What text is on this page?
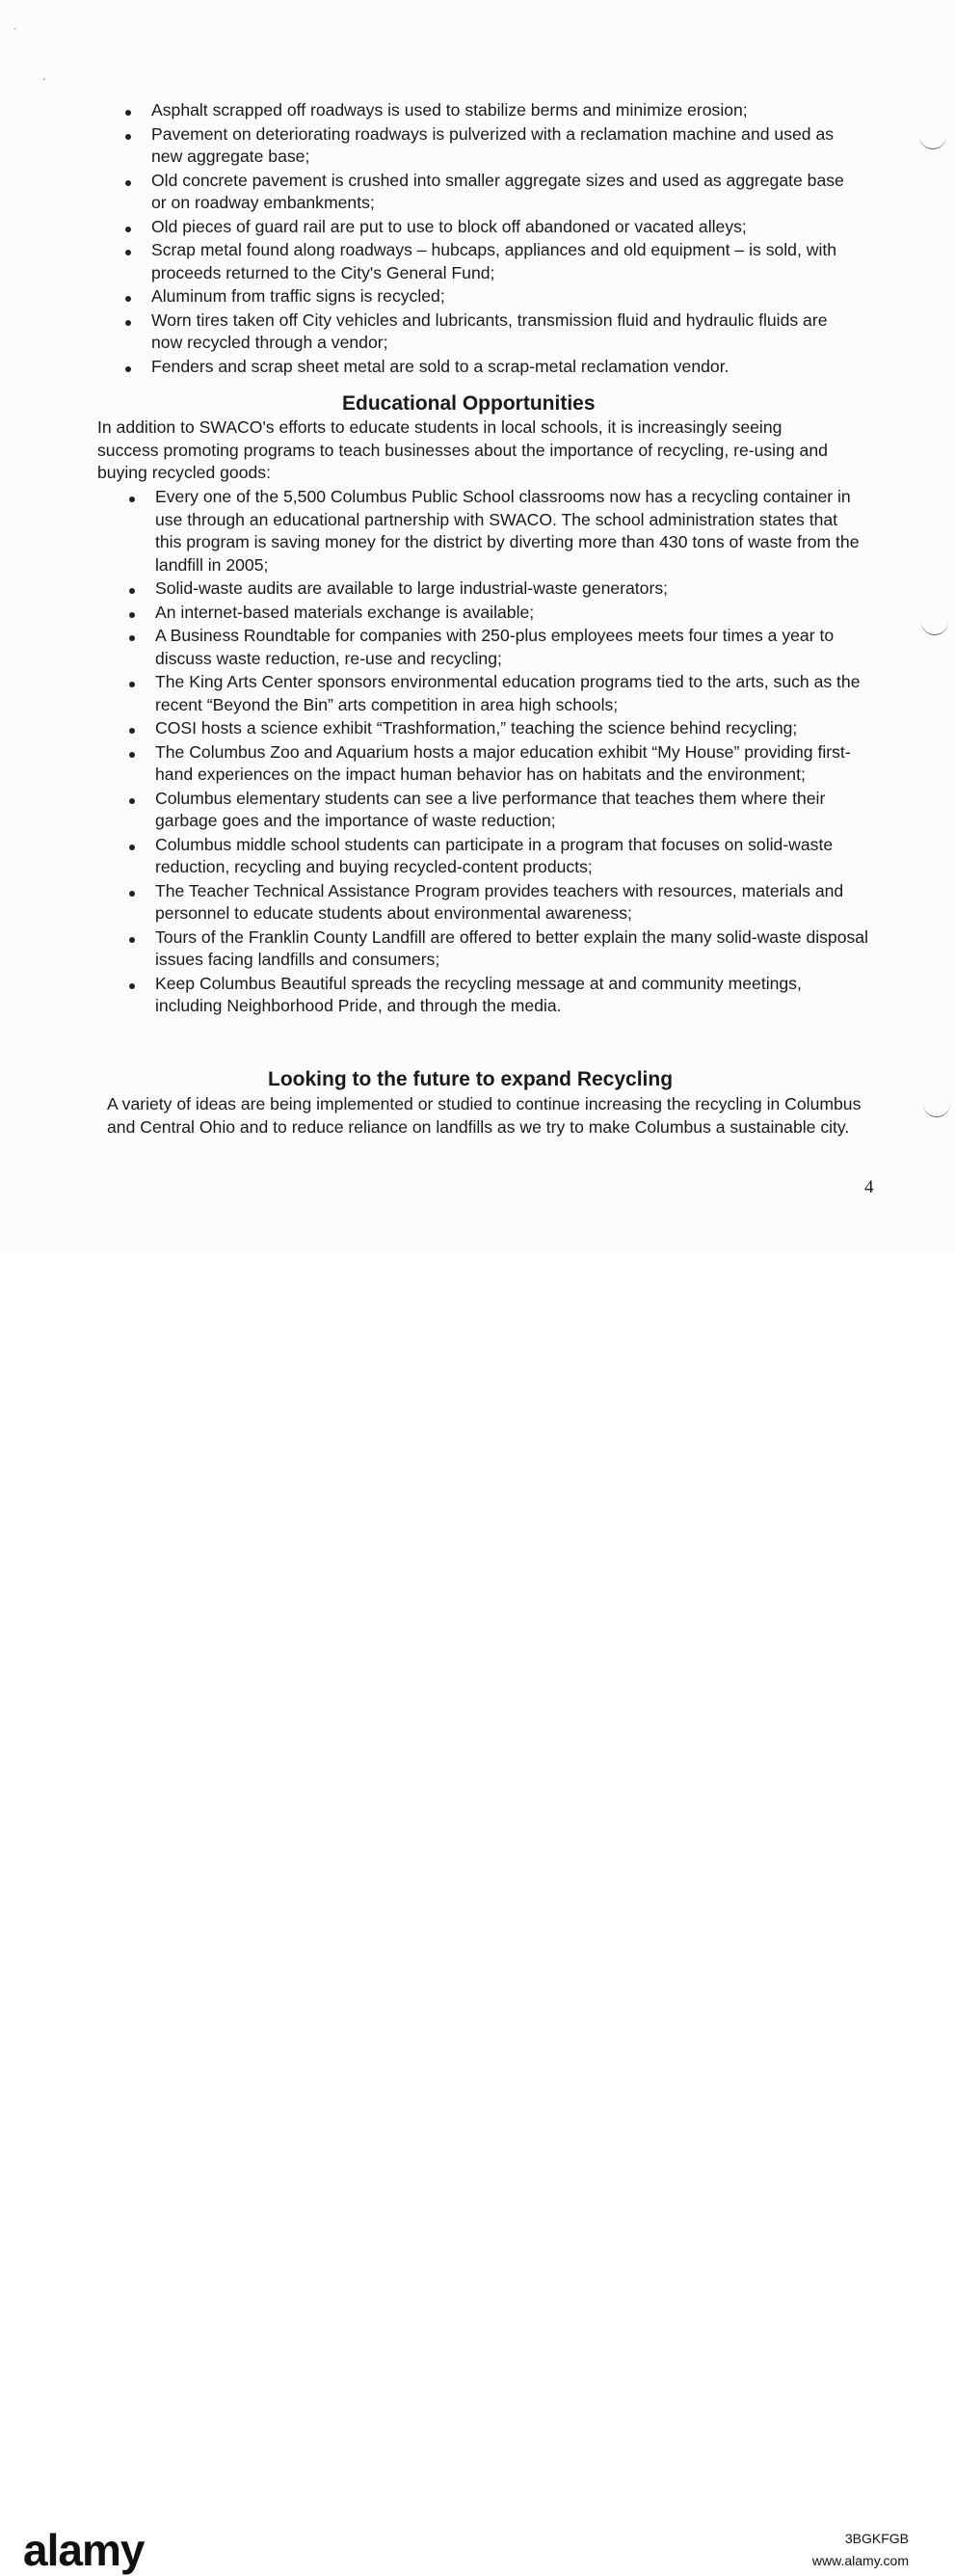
`
-
Asphalt scrapped off roadways is used to stabilize berms and minimize erosion;
Pavement on deteriorating roadways is pulverized with a reclamation machine and used as new aggregate base;
Old concrete pavement is crushed into smaller aggregate sizes and used as aggregate base or on roadway embankments;
Old pieces of guard rail are put to use to block off abandoned or vacated alleys;
Scrap metal found along roadways – hubcaps, appliances and old equipment – is sold, with proceeds returned to the City's General Fund;
Aluminum from traffic signs is recycled;
Worn tires taken off City vehicles and lubricants, transmission fluid and hydraulic fluids are now recycled through a vendor;
Fenders and scrap sheet metal are sold to a scrap-metal reclamation vendor.
Educational Opportunities
In addition to SWACO's efforts to educate students in local schools, it is increasingly seeing success promoting programs to teach businesses about the importance of recycling, re-using and buying recycled goods:
Every one of the 5,500 Columbus Public School classrooms now has a recycling container in use through an educational partnership with SWACO. The school administration states that this program is saving money for the district by diverting more than 430 tons of waste from the landfill in 2005;
Solid-waste audits are available to large industrial-waste generators;
An internet-based materials exchange is available;
A Business Roundtable for companies with 250-plus employees meets four times a year to discuss waste reduction, re-use and recycling;
The King Arts Center sponsors environmental education programs tied to the arts, such as the recent “Beyond the Bin” arts competition in area high schools;
COSI hosts a science exhibit “Trashformation,” teaching the science behind recycling;
The Columbus Zoo and Aquarium hosts a major education exhibit “My House” providing first-hand experiences on the impact human behavior has on habitats and the environment;
Columbus elementary students can see a live performance that teaches them where their garbage goes and the importance of waste reduction;
Columbus middle school students can participate in a program that focuses on solid-waste reduction, recycling and buying recycled-content products;
The Teacher Technical Assistance Program provides teachers with resources, materials and personnel to educate students about environmental awareness;
Tours of the Franklin County Landfill are offered to better explain the many solid-waste disposal issues facing landfills and consumers;
Keep Columbus Beautiful spreads the recycling message at and community meetings, including Neighborhood Pride, and through the media.
Looking to the future to expand Recycling
A variety of ideas are being implemented or studied to continue increasing the recycling in Columbus and Central Ohio and to reduce reliance on landfills as we try to make Columbus a sustainable city.
4
alamy	3BGKFGB
www.alamy.com
